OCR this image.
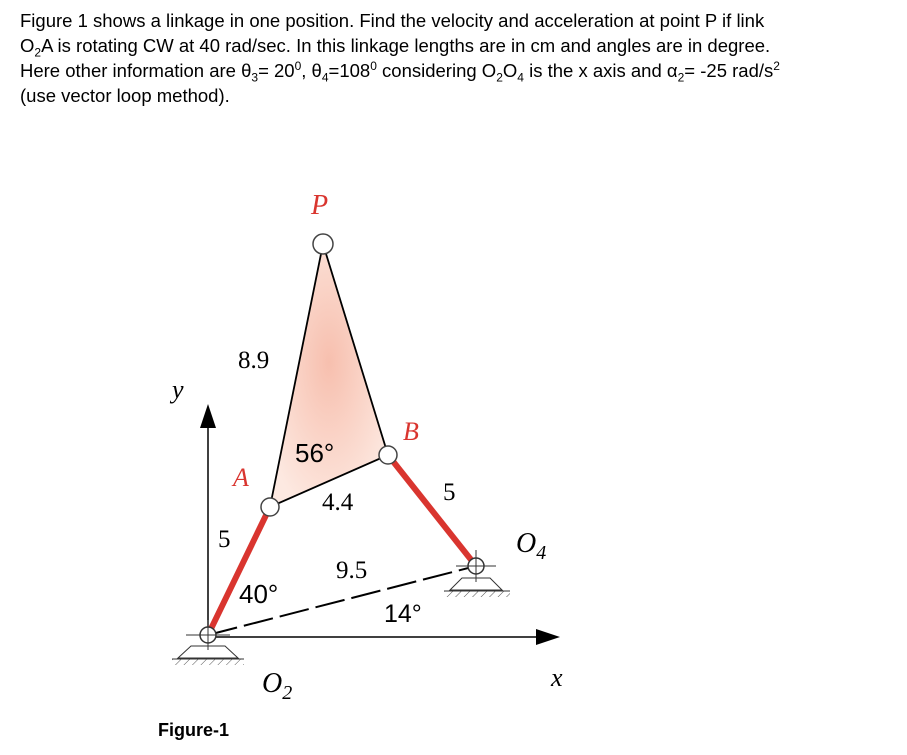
Figure 1 shows a linkage in one position. Find the velocity and acceleration at point P if link

$O_2A$ is rotating CW at 40 rad/sec. In this linkage lengths are in cm and angles are in degree.

Here other information are $\theta_3= 20^0$, $\theta_4=108^0$ considering $O_2O_4$ is the x axis and $\alpha_2= -25$ rad/$s^2$

(use vector loop method).

P
A
B
y
x
$O_2$
$O_4$
8.9
4.4
5
5
9.5
56°
40°
14°
Figure-1
